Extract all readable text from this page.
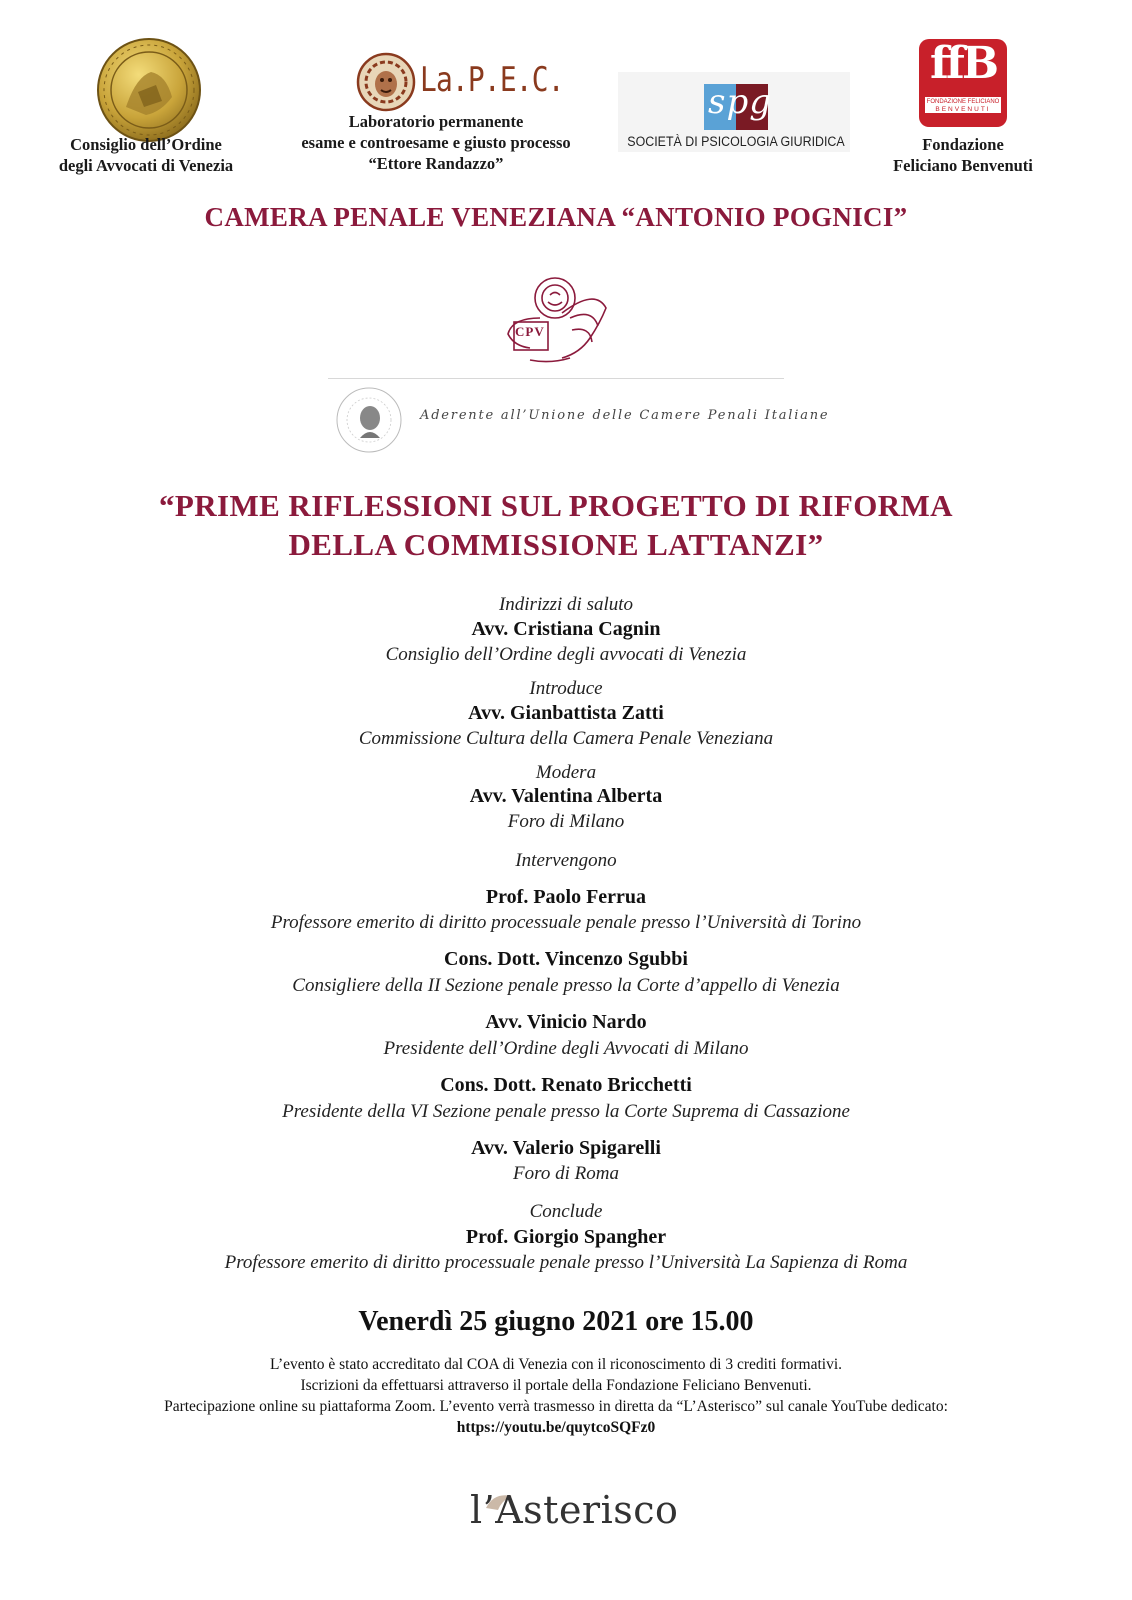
Consiglio dell’Ordine
degli Avvocati di Venezia
La.P.E.C.
Laboratorio permanente
esame e controesame e giusto processo
“Ettore Randazzo”
spg
SOCIETÀ DI PSICOLOGIA GIURIDICA
ffB
FONDAZIONE FELICIANO
BENVENUTI
Fondazione
Feliciano Benvenuti
CAMERA PENALE VENEZIANA “ANTONIO POGNICI”
CPV
Aderente all’Unione delle Camere Penali Italiane
“PRIME RIFLESSIONI SUL PROGETTO DI RIFORMA
DELLA COMMISSIONE LATTANZI”
Indirizzi di saluto
Avv. Cristiana Cagnin
Consiglio dell’Ordine degli avvocati di Venezia
Introduce
Avv. Gianbattista Zatti
Commissione Cultura della Camera Penale Veneziana
Modera
Avv. Valentina Alberta
Foro di Milano
Intervengono
Prof. Paolo Ferrua
Professore emerito di diritto processuale penale presso l’Università di Torino
Cons. Dott. Vincenzo Sgubbi
Consigliere della II Sezione penale presso la Corte d’appello di Venezia
Avv. Vinicio Nardo
Presidente dell’Ordine degli Avvocati di Milano
Cons. Dott. Renato Bricchetti
Presidente della VI Sezione penale presso la Corte Suprema di Cassazione
Avv. Valerio Spigarelli
Foro di Roma
Conclude
Prof. Giorgio Spangher
Professore emerito di diritto processuale penale presso l’Università La Sapienza di Roma
Venerdì 25 giugno 2021 ore 15.00
L’evento è stato accreditato dal COA di Venezia con il riconoscimento di 3 crediti formativi.
Iscrizioni da effettuarsi attraverso il portale della Fondazione Feliciano Benvenuti.
Partecipazione online su piattaforma Zoom. L’evento verrà trasmesso in diretta da “L’Asterisco” sul canale YouTube dedicato:
https://youtu.be/quytcoSQFz0
l’Asterisco
